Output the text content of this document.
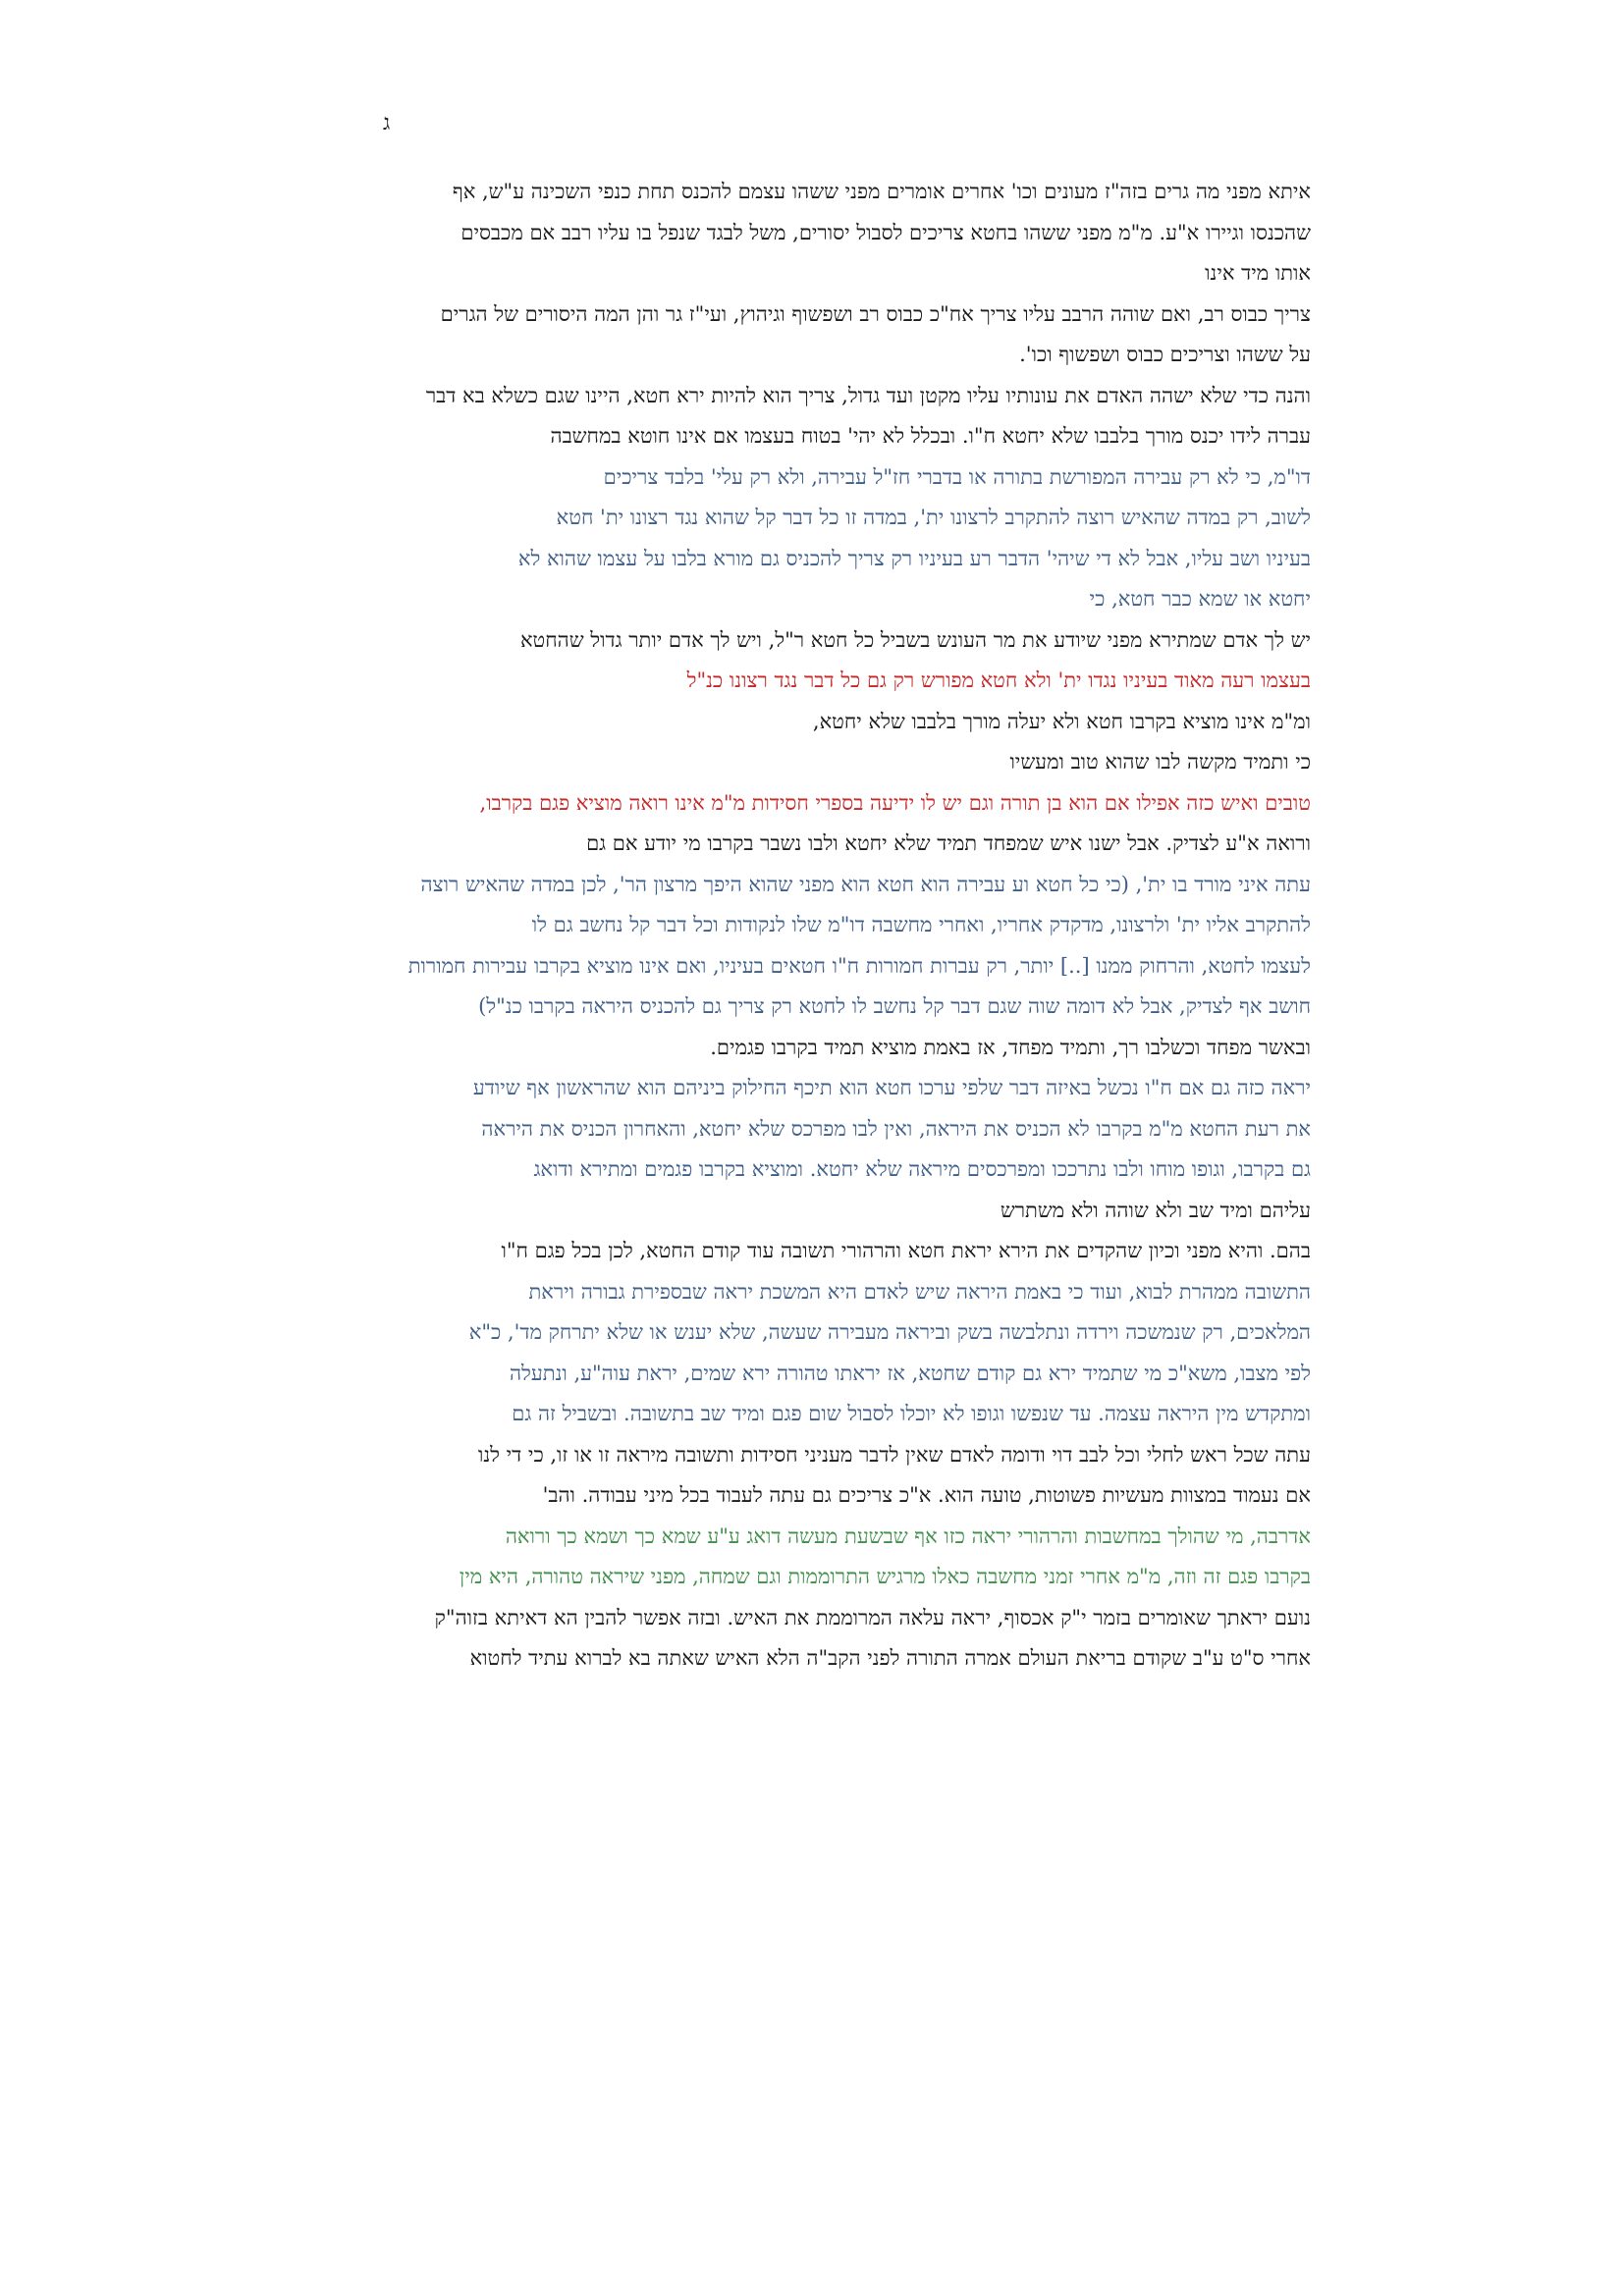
ג
איתא מפני מה גרים בזה"ז מעונים וכו' אחרים אומרים מפני ששהו עצמם להכנס תחת כנפי השכינה ע"ש, אף
שהכנסו וגיירו א"ע. מ"מ מפני ששהו בחטא צריכים לסבול יסורים, משל לבגד שנפל בו עליו רבב אם מכבסים
אותו מיד אינו
צריך כבוס רב, ואם שוהה הרבב עליו צריך אח"כ כבוס רב ושפשוף וגיהוץ, ועי"ז גר והן המה היסורים של הגרים
על ששהו וצריכים כבוס ושפשוף וכו'.
והנה כדי שלא ישהה האדם את עונותיו עליו מקטן ועד גדול, צריך הוא להיות ירא חטא, היינו שגם כשלא בא דבר
עברה לידו יכנס מורך בלבבו שלא יחטא ח"ו. ובכלל לא יהי' בטוח בעצמו אם אינו חוטא במחשבה
דו"מ, כי לא רק עבירה המפורשת בתורה או בדברי חז"ל עבירה, ולא רק עלי' בלבד צריכים
לשוב, רק במדה שהאיש רוצה להתקרב לרצונו ית', במדה זו כל דבר קל שהוא נגד רצונו ית' חטא
בעיניו ושב עליו, אבל לא די שיהי' הדבר רע בעיניו רק צריך להכניס גם מורא בלבו על עצמו שהוא לא
יחטא או שמא כבר חטא, כי
יש לך אדם שמתירא מפני שיודע את מר העונש בשביל כל חטא ר"ל, ויש לך אדם יותר גדול שהחטא
בעצמו רעה מאוד בעיניו נגדו ית' ולא חטא מפורש רק גם כל דבר נגד רצונו כנ"ל
ומ"מ אינו מוציא בקרבו חטא ולא יעלה מורך בלבבו שלא יחטא,
כי ותמיד מקשה לבו שהוא טוב ומעשיו
טובים ואיש כזה אפילו אם הוא בן תורה וגם יש לו ידיעה בספרי חסידות מ"מ אינו רואה מוציא פגם בקרבו,
ורואה א"ע לצדיק. אבל ישנו איש שמפחד תמיד שלא יחטא ולבו נשבר בקרבו מי יודע אם גם
עתה איני מורד בו ית', (כי כל חטא וע עבירה הוא חטא הוא מפני שהוא היפך מרצון הר', לכן במדה שהאיש רוצה
להתקרב אליו ית' ולרצונו, מדקדק אחריו, ואחרי מחשבה דו"מ שלו לנקודות וכל דבר קל נחשב גם לו
לעצמו לחטא, והרחוק ממנו [..] יותר, רק עברות חמורות ח"ו חטאים בעיניו, ואם אינו מוציא בקרבו עבירות חמורות
חושב אף לצדיק, אבל לא דומה שוה שגם דבר קל נחשב לו לחטא רק צריך גם להכניס היראה בקרבו כנ"ל)
ובאשר מפחד וכשלבו רך, ותמיד מפחד, אז באמת מוציא תמיד בקרבו פגמים.
יראה כזה גם אם ח"ו נכשל באיזה דבר שלפי ערכו חטא הוא תיכף החילוק ביניהם הוא שהראשון אף שיודע
את רעת החטא מ"מ בקרבו לא הכניס את היראה, ואין לבו מפרכס שלא יחטא, והאחרון הכניס את היראה
גם בקרבו, וגופו מוחו ולבו נתרככו ומפרכסים מיראה שלא יחטא. ומוציא בקרבו פגמים ומתירא ודואג
עליהם ומיד שב ולא שוהה ולא משתרש
בהם. והיא מפני וכיון שהקדים את הירא יראת חטא והרהורי תשובה עוד קודם החטא, לכן בכל פגם ח"ו
התשובה ממהרת לבוא, ועוד כי באמת היראה שיש לאדם היא המשכת יראה שבספירת גבורה ויראת
המלאכים, רק שנמשכה וירדה ונתלבשה בשק וביראה מעבירה שעשה, שלא יענש או שלא יתרחק מד', כ"א
לפי מצבו, משא"כ מי שתמיד ירא גם קודם שחטא, אז יראתו טהורה ירא שמים, יראת עוה"ע, ונתעלה
ומתקדש מין היראה עצמה. עד שנפשו וגופו לא יוכלו לסבול שום פגם ומיד שב בתשובה. ובשביל זה גם
עתה שכל ראש לחלי וכל לבב דוי ודומה לאדם שאין לדבר מעניני חסידות ותשובה מיראה זו או זו, כי די לנו
אם נעמוד במצוות מעשיות פשוטות, טועה הוא. א"כ צריכים גם עתה לעבוד בכל מיני עבודה. והב'
אדרבה, מי שהולך במחשבות והרהורי יראה כזו אף שבשעת מעשה דואג ע"ע שמא כך ושמא כך ורואה
בקרבו פגם זה וזה, מ"מ אחרי זמני מחשבה כאלו מרגיש התרוממות וגם שמחה, מפני שיראה טהורה, היא מין
נועם יראתך שאומרים בזמר י"ק אכסוף, יראה עלאה המרוממת את האיש. ובזה אפשר להבין הא דאיתא בזוה"ק
אחרי ס"ט ע"ב שקודם בריאת העולם אמרה התורה לפני הקב"ה הלא האיש שאתה בא לברוא עתיד לחטוא
